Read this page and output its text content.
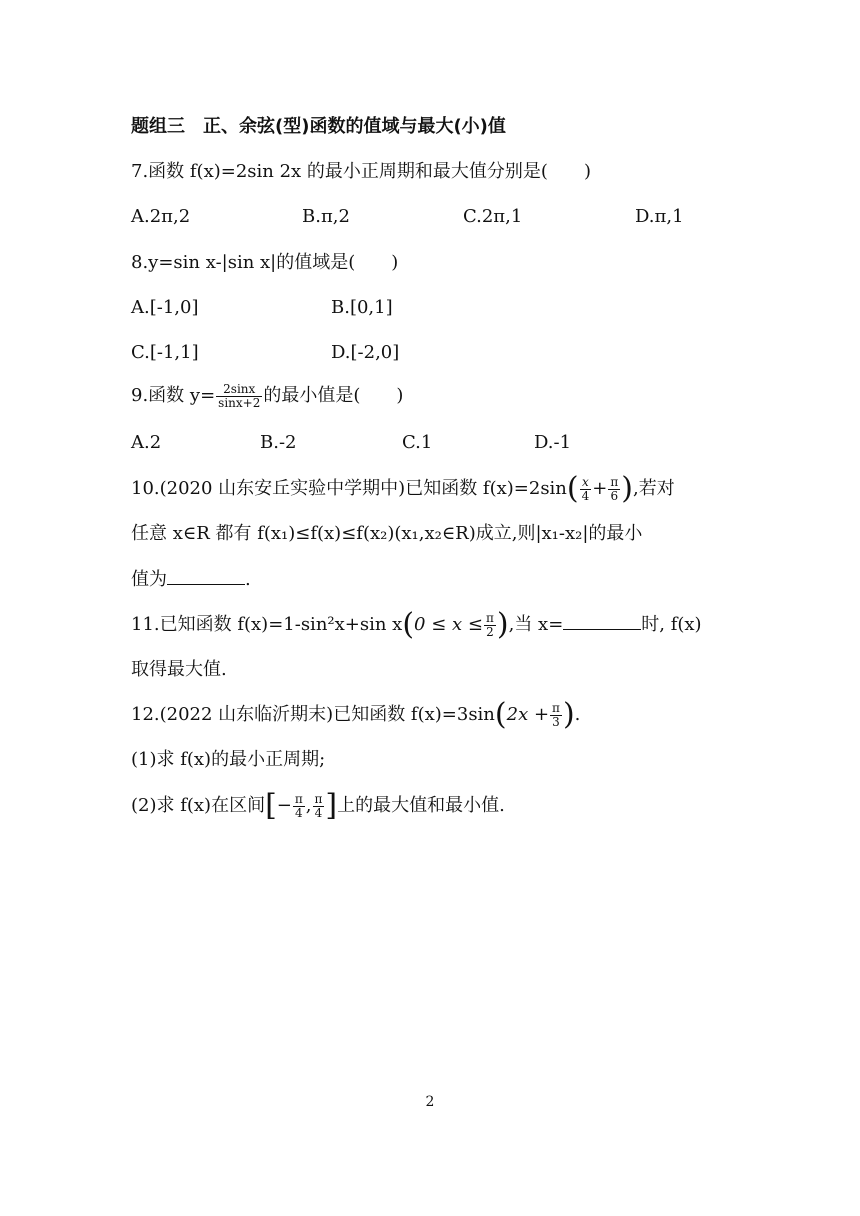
题组三　正、余弦(型)函数的值域与最大(小)值
7.函数 f(x)=2sin 2x 的最小正周期和最大值分别是(　　)
A.2π,2	B.π,2	C.2π,1	D.π,1
8.y=sin x-|sin x|的值域是(　　)
A.[-1,0]	B.[0,1]
C.[-1,1]	D.[-2,0]
9.函数 $y= \frac{2\sin x}{\sin x+2}$ 的最小值是(　　)
A.2	B.-2	C.1	D.-1
10.(2020 山东安丘实验中学期中)已知函数 $f(x)=2\sin( \frac{x}{4} + \frac{\pi}{6}$ ),若对
任意 x∈R 都有 f(x₁)≤f(x)≤f(x₂)(x₁,x₂∈R)成立,则|x₁-x₂|的最小
值为	.
11.已知函数 f(x)=1-sin²x+sin $x(0 \le x \le \frac{\pi}{2}$ ),当 x=	时, f(x)
取得最大值.
12.(2022 山东临沂期末)已知函数 $f(x)=3\sin(2x + \frac{\pi}{3}$ ).
(1)求 f(x)的最小正周期;
(2)求 f(x)在区间[− $\frac{\pi}{4}$ , $\frac{\pi}{4}$ ]上的最大值和最小值.
2
